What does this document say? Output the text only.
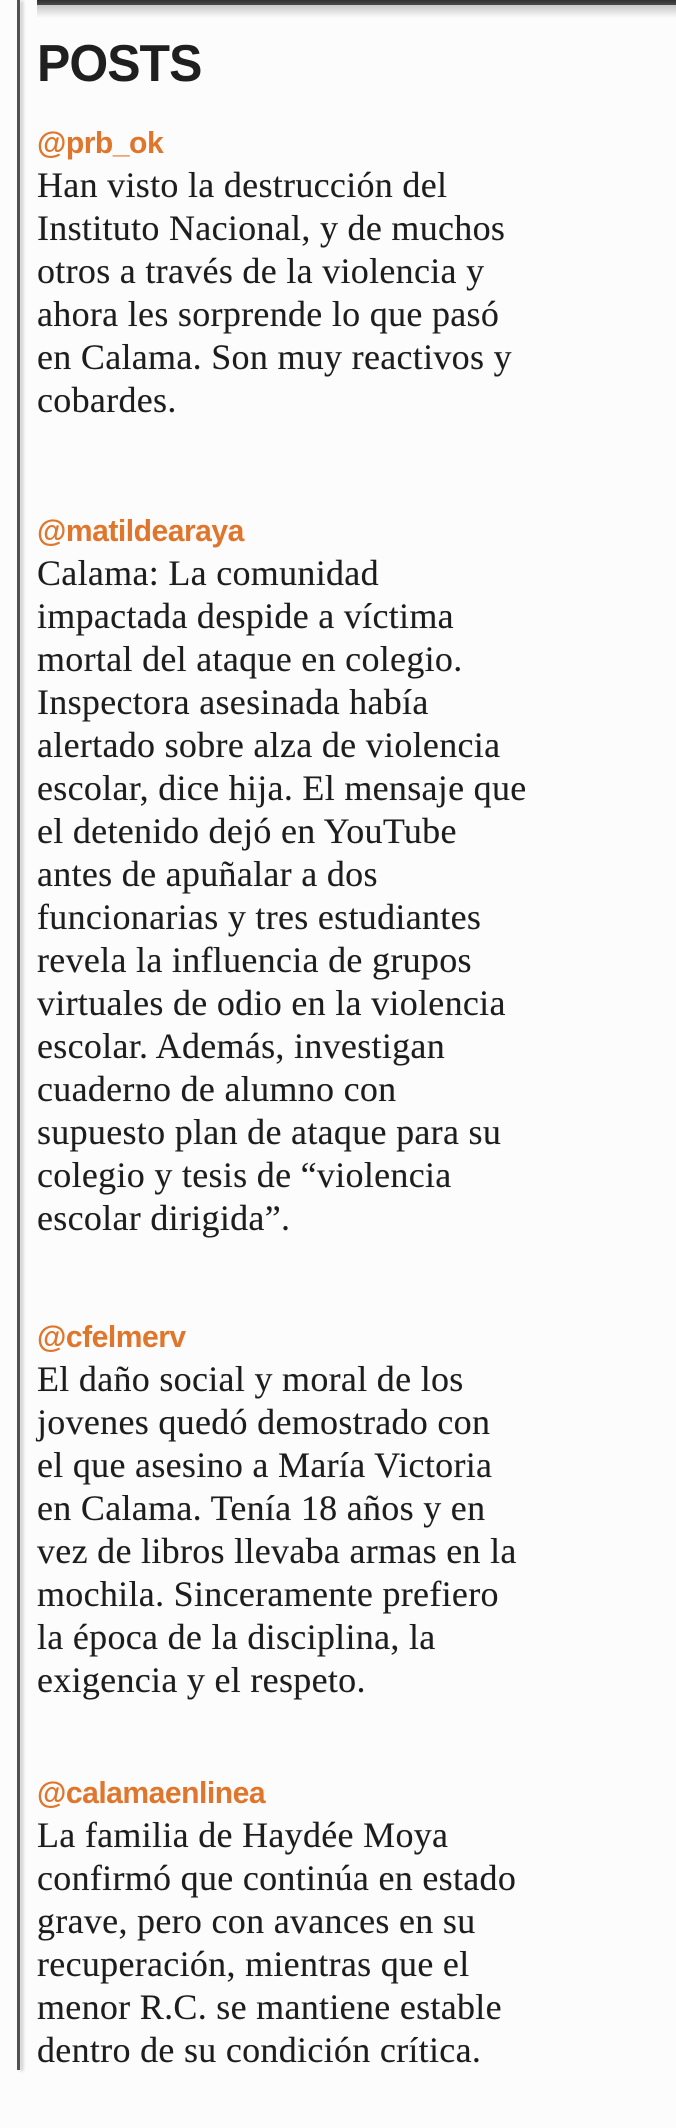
POSTS
@prb_ok
Han visto la destrucción del
Instituto Nacional, y de muchos
otros a través de la violencia y
ahora les sorprende lo que pasó
en Calama. Son muy reactivos y
cobardes.
@matildearaya
Calama: La comunidad
impactada despide a víctima
mortal del ataque en colegio.
Inspectora asesinada había
alertado sobre alza de violencia
escolar, dice hija. El mensaje que
el detenido dejó en YouTube
antes de apuñalar a dos
funcionarias y tres estudiantes
revela la influencia de grupos
virtuales de odio en la violencia
escolar. Además, investigan
cuaderno de alumno con
supuesto plan de ataque para su
colegio y tesis de “violencia
escolar dirigida”.
@cfelmerv
El daño social y moral de los
jovenes quedó demostrado con
el que asesino a María Victoria
en Calama. Tenía 18 años y en
vez de libros llevaba armas en la
mochila. Sinceramente prefiero
la época de la disciplina, la
exigencia y el respeto.
@calamaenlinea
La familia de Haydée Moya
confirmó que continúa en estado
grave, pero con avances en su
recuperación, mientras que el
menor R.C. se mantiene estable
dentro de su condición crítica.
